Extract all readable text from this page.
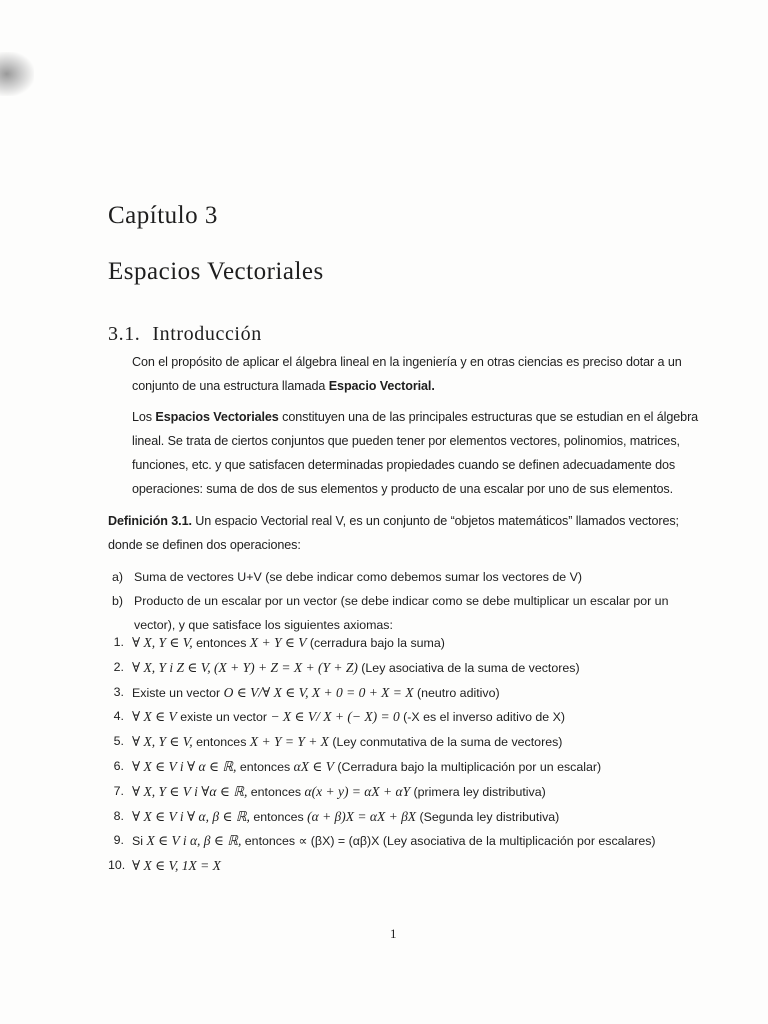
Capítulo 3
Espacios Vectoriales
3.1. Introducción
Con el propósito de aplicar el álgebra lineal en la ingeniería y en otras ciencias es preciso dotar a un conjunto de una estructura llamada Espacio Vectorial.
Los Espacios Vectoriales constituyen una de las principales estructuras que se estudian en el álgebra lineal. Se trata de ciertos conjuntos que pueden tener por elementos vectores, polinomios, matrices, funciones, etc. y que satisfacen determinadas propiedades cuando se definen adecuadamente dos operaciones: suma de dos de sus elementos y producto de una escalar por uno de sus elementos.
Definición 3.1. Un espacio Vectorial real V, es un conjunto de “objetos matemáticos” llamados vectores; donde se definen dos operaciones:
a) Suma de vectores U+V (se debe indicar como debemos sumar los vectores de V)
b) Producto de un escalar por un vector (se debe indicar como se debe multiplicar un escalar por un vector), y que satisface los siguientes axiomas:
1. ∀ X, Y ∈ V, entonces X + Y ∈ V (cerradura bajo la suma)
2. ∀ X, Y i Z ∈ V, (X + Y) + Z = X + (Y + Z) (Ley asociativa de la suma de vectores)
3. Existe un vector O ∈ V/∀ X ∈ V, X + 0 = 0 + X = X (neutro aditivo)
4. ∀ X ∈ V existe un vector − X ∈ V/ X + (− X) = 0 (-X es el inverso aditivo de X)
5. ∀ X, Y ∈ V, entonces X + Y = Y + X (Ley conmutativa de la suma de vectores)
6. ∀ X ∈ V i ∀ α ∈ ℝ, entonces αX ∈ V (Cerradura bajo la multiplicación por un escalar)
7. ∀ X, Y ∈ V i ∀α ∈ ℝ, entonces α(x + y) = αX + αY (primera ley distributiva)
8. ∀ X ∈ V i ∀ α, β ∈ ℝ, entonces (α + β)X = αX + βX (Segunda ley distributiva)
9. Si X ∈ V i α, β ∈ ℝ, entonces ∝ (βX) = (αβ)X (Ley asociativa de la multiplicación por escalares)
10. ∀ X ∈ V, 1X = X
1
